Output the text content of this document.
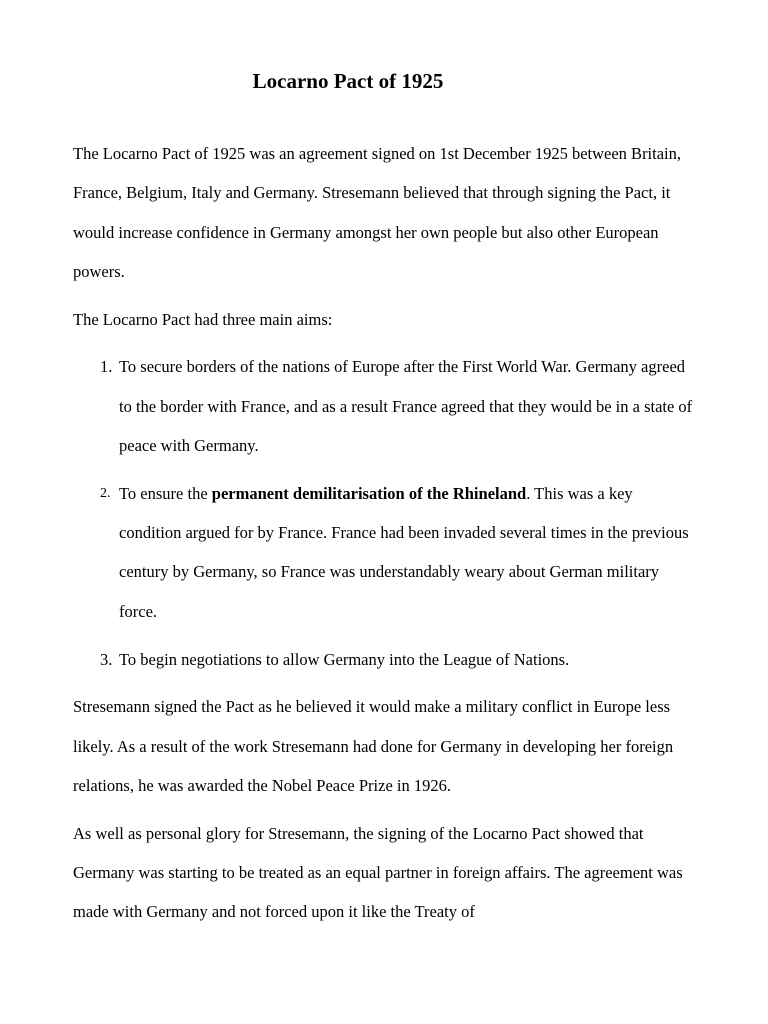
Locarno Pact of 1925

The Locarno Pact of 1925 was an agreement signed on 1st December 1925 between Britain, France, Belgium, Italy and Germany. Stresemann believed that through signing the Pact, it would increase confidence in Germany amongst her own people but also other European powers.

The Locarno Pact had three main aims:

1. To secure borders of the nations of Europe after the First World War. Germany agreed to the border with France, and as a result France agreed that they would be in a state of peace with Germany.
2. To ensure the permanent demilitarisation of the Rhineland. This was a key condition argued for by France. France had been invaded several times in the previous century by Germany, so France was understandably weary about German military force.
3. To begin negotiations to allow Germany into the League of Nations.

Stresemann signed the Pact as he believed it would make a military conflict in Europe less likely. As a result of the work Stresemann had done for Germany in developing her foreign relations, he was awarded the Nobel Peace Prize in 1926.

As well as personal glory for Stresemann, the signing of the Locarno Pact showed that Germany was starting to be treated as an equal partner in foreign affairs. The agreement was made with Germany and not forced upon it like the Treaty of
